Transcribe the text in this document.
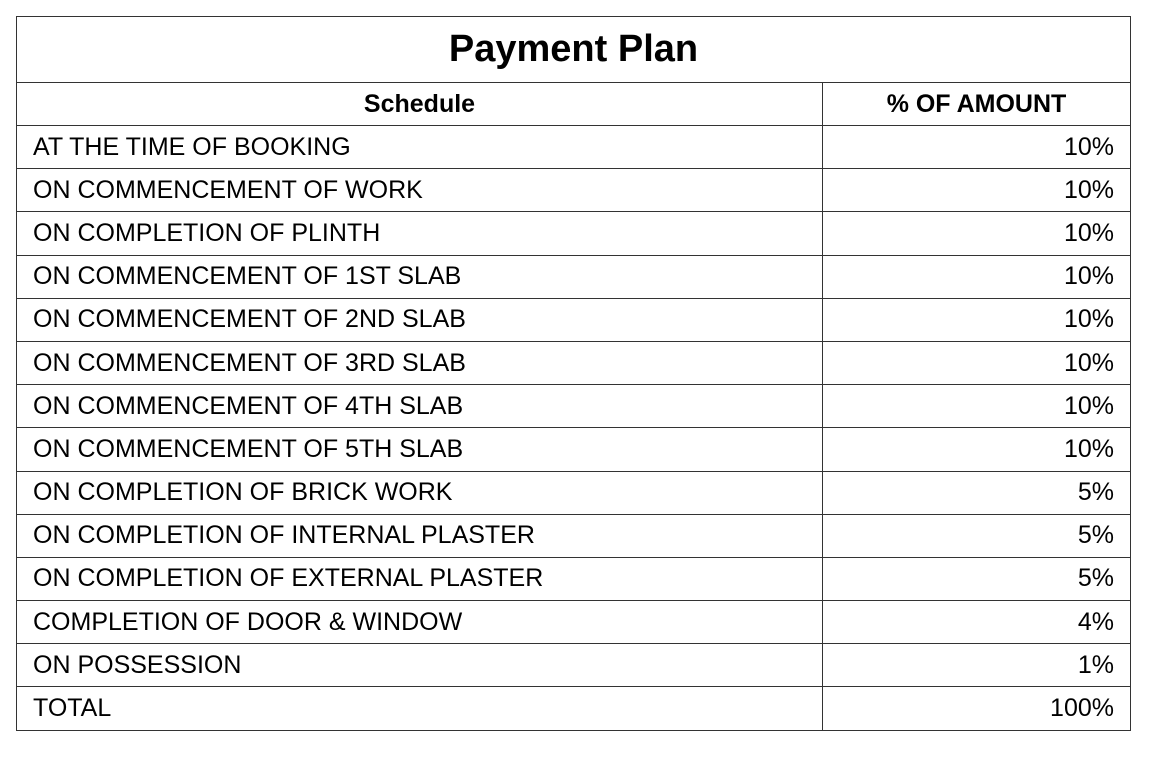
Payment Plan	
Schedule	% OF AMOUNT
AT THE TIME OF BOOKING	10%
ON COMMENCEMENT OF WORK	10%
ON COMPLETION OF PLINTH	10%
ON COMMENCEMENT OF 1ST SLAB	10%
ON COMMENCEMENT OF 2ND SLAB	10%
ON COMMENCEMENT OF 3RD SLAB	10%
ON COMMENCEMENT OF 4TH SLAB	10%
ON COMMENCEMENT OF 5TH SLAB	10%
ON COMPLETION OF BRICK WORK	5%
ON COMPLETION OF INTERNAL PLASTER	5%
ON COMPLETION OF EXTERNAL PLASTER	5%
COMPLETION OF DOOR & WINDOW	4%
ON POSSESSION	1%
TOTAL	100%
